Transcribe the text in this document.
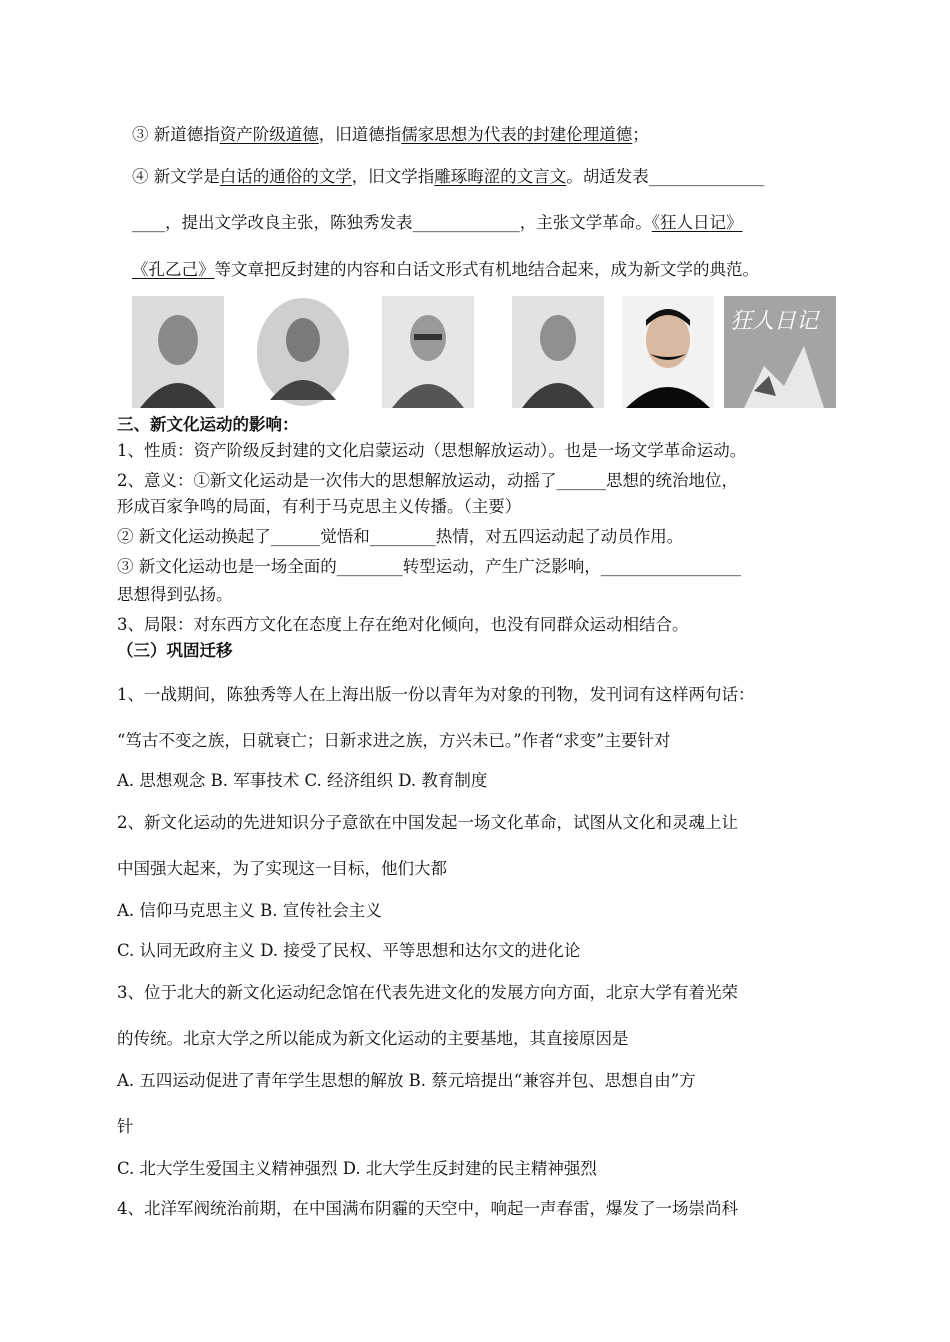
③ 新道德指资产阶级道德，旧道德指儒家思想为代表的封建伦理道德；
④ 新文学是白话的通俗的文学，旧文学指雕琢晦涩的文言文。胡适发表______________
____，提出文学改良主张，陈独秀发表_____________，主张文学革命。《狂人日记》
《孔乙己》等文章把反封建的内容和白话文形式有机地结合起来，成为新文学的典范。
狂人日记
三、新文化运动的影响：
1、性质：资产阶级反封建的文化启蒙运动（思想解放运动）。也是一场文学革命运动。
2、意义：①新文化运动是一次伟大的思想解放运动，动摇了______思想的统治地位，
形成百家争鸣的局面，有利于马克思主义传播。（主要）
② 新文化运动换起了______觉悟和________热情，对五四运动起了动员作用。
③ 新文化运动也是一场全面的________转型运动，产生广泛影响，_________________
思想得到弘扬。
3、局限：对东西方文化在态度上存在绝对化倾向，也没有同群众运动相结合。
（三）巩固迁移
1、一战期间，陈独秀等人在上海出版一份以青年为对象的刊物，发刊词有这样两句话：
“笃古不变之族，日就衰亡；日新求进之族，方兴未已。”作者“求变”主要针对
A. 思想观念 B. 军事技术 C. 经济组织 D. 教育制度
2、新文化运动的先进知识分子意欲在中国发起一场文化革命，试图从文化和灵魂上让
中国强大起来，为了实现这一目标，他们大都
A. 信仰马克思主义 B. 宣传社会主义
C. 认同无政府主义 D. 接受了民权、平等思想和达尔文的进化论
3、位于北大的新文化运动纪念馆在代表先进文化的发展方向方面，北京大学有着光荣
的传统。北京大学之所以能成为新文化运动的主要基地，其直接原因是
A. 五四运动促进了青年学生思想的解放 B. 蔡元培提出“兼容并包、思想自由”方
针
C. 北大学生爱国主义精神强烈 D. 北大学生反封建的民主精神强烈
4、北洋军阀统治前期，在中国满布阴霾的天空中，响起一声春雷，爆发了一场崇尚科
